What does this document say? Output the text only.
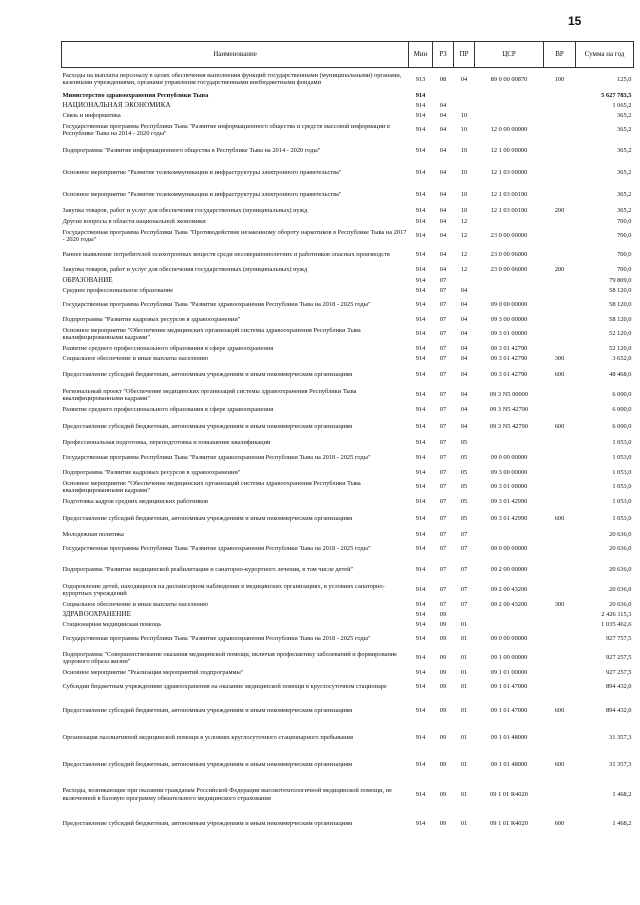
15
Наименование	Мин	РЗ	ПР	ЦСР	ВР	Сумма на год
Расходы на выплаты персоналу в целях обеспечения выполнения функций государственными (муниципальными) органами, казенными учреждениями, органами управления государственными внебюджетными фондами	913	08	04	89 0 00 00870	100	125,0
Министерство здравоохранения Республики Тыва	914					5 627 783,5
НАЦИОНАЛЬНАЯ ЭКОНОМИКА	914	04				1 065,2
Связь и информатика	914	04	10			365,2
Государственная программа Республики Тыва "Развитие информационного общества и средств массовой информации в Республике Тыва на 2014 - 2020 годы"	914	04	10	12 0 00 00000		365,2
Подпрограмма "Развитие информационного общества в Республике Тыва на 2014 - 2020 годы"	914	04	10	12 1 00 00000		365,2
Основное мероприятие "Развитие телекоммуникации и инфраструктуры электронного правительства"	914	04	10	12 1 03 00000		365,2
Основное мероприятие "Развитие телекоммуникации и инфраструктуры электронного правительства"	914	04	10	12 1 03 00190		365,2
Закупка товаров, работ и услуг для обеспечения государственных (муниципальных) нужд	914	04	10	12 1 03 00190	200	365,2
Другие вопросы в области национальной экономики	914	04	12			700,0
Государственная программа Республики Тыва "Противодействие незаконному обороту наркотиков в Республике Тыва на 2017 - 2020 годы"	914	04	12	23 0 00 00000		700,0
Раннее выявление потребителей психотропных веществ среди несовершеннолетних и работников опасных производств	914	04	12	23 0 00 06000		700,0
Закупка товаров, работ и услуг для обеспечения государственных (муниципальных) нужд	914	04	12	23 0 00 06000	200	700,0
ОБРАЗОВАНИЕ	914	07				79 809,0
Среднее профессиональное образование	914	07	04			58 120,0
Государственная программа Республики Тыва "Развитие здравоохранения Республики Тыва на 2018 - 2025 годы"	914	07	04	09 0 00 00000		58 120,0
Подпрограмма "Развитие кадровых ресурсов в здравоохранении"	914	07	04	09 3 00 00000		58 120,0
Основное мероприятие "Обеспечение медицинских организаций системы здравоохранения Республики Тыва квалифицированными кадрами"	914	07	04	09 3 01 00000		52 120,0
Развитие среднего профессионального образования в сфере здравоохранения	914	07	04	09 3 01 42790		52 120,0
Социальное обеспечение и иные выплаты населению	914	07	04	09 3 01 42790	300	3 652,0
Предоставление субсидий бюджетным, автономным учреждениям и иным некоммерческим организациям	914	07	04	09 3 01 42790	600	48 468,0
Региональный проект "Обеспечение медицинских организаций системы здравоохранения Республики Тыва квалифицированными кадрами"	914	07	04	09 3 N5 00000		6 000,0
Развитие среднего профессионального образования в сфере здравоохранения	914	07	04	09 3 N5 42790		6 000,0
Предоставление субсидий бюджетным, автономным учреждениям и иным некоммерческим организациям	914	07	04	09 3 N5 42790	600	6 000,0
Профессиональная подготовка, переподготовка и повышение квалификации	914	07	05			1 053,0
Государственная программа Республики Тыва "Развитие здравоохранения Республики Тыва на 2018 - 2025 годы"	914	07	05	09 0 00 00000		1 053,0
Подпрограмма "Развитие кадровых ресурсов в здравоохранении"	914	07	05	09 3 00 00000		1 053,0
Основное мероприятие "Обеспечение медицинских организаций системы здравоохранения Республики Тыва квалифицированными кадрами"	914	07	05	09 3 01 00000		1 053,0
Подготовка кадров средних медицинских работников	914	07	05	09 3 01 42990		1 053,0
Предоставление субсидий бюджетным, автономным учреждениям и иным некоммерческим организациям	914	07	05	09 3 01 42990	600	1 053,0
Молодежная политика	914	07	07			20 636,0
Государственная программа Республики Тыва "Развитие здравоохранения Республики Тыва на 2018 - 2025 годы"	914	07	07	09 0 00 00000		20 636,0
Подпрограмма "Развитие медицинской реабилитации и санаторно-курортного лечения, в том числе детей"	914	07	07	09 2 00 00000		20 636,0
Оздоровление детей, находящихся на диспансерном наблюдении в медицинских организациях, в условиях санаторно-курортных учреждений	914	07	07	09 2 00 43200		20 636,0
Социальное обеспечение и иные выплаты населению	914	07	07	09 2 00 43200	300	20 636,0
ЗДРАВООХРАНЕНИЕ	914	09				2 426 115,3
Стационарная медицинская помощь	914	09	01			1 035 462,6
Государственная программа Республики Тыва "Развитие здравоохранения Республики Тыва на 2018 - 2025 годы"	914	09	01	09 0 00 00000		927 757,5
Подпрограмма "Совершенствование оказания медицинской помощи, включая профилактику заболеваний и формирование здорового образа жизни"	914	09	01	09 1 00 00000		927 257,5
Основное мероприятие "Реализация мероприятий подпрограммы"	914	09	01	09 1 01 00000		927 257,5
Субсидии бюджетным учреждениям здравоохранения на оказание медицинской помощи в круглосуточном стационаре	914	09	01	09 1 01 47000		894 432,0
Предоставление субсидий бюджетным, автономным учреждениям и иным некоммерческим организациям	914	09	01	09 1 01 47000	600	894 432,0
Организация паллиативной медицинской помощи в условиях круглосуточного стационарного пребывания	914	09	01	09 1 01 48000		31 357,3
Предоставление субсидий бюджетным, автономным учреждениям и иным некоммерческим организациям	914	09	01	09 1 01 48000	600	31 357,3
Расходы, возникающие при оказании гражданам Российской Федерации высокотехнологичной медицинской помощи, не включенной в базовую программу обязательного медицинского страхования	914	09	01	09 1 01 R4020		1 468,2
Предоставление субсидий бюджетным, автономным учреждениям и иным некоммерческим организациям	914	09	01	09 1 01 R4020	600	1 468,2
